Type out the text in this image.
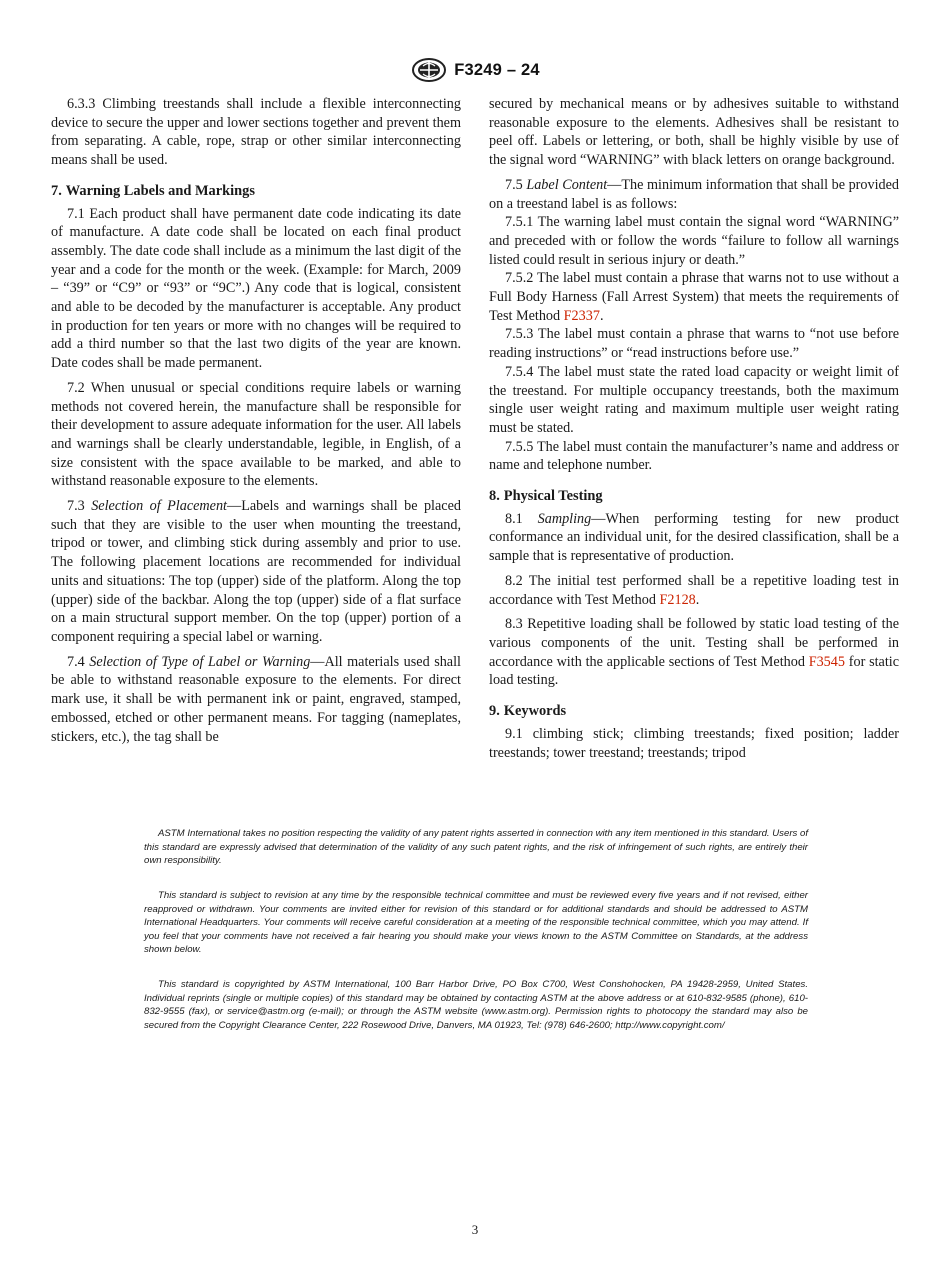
F3249 – 24

6.3.3 Climbing treestands shall include a flexible interconnecting device to secure the upper and lower sections together and prevent them from separating. A cable, rope, strap or other similar interconnecting means shall be used.

7. Warning Labels and Markings

7.1 Each product shall have permanent date code indicating its date of manufacture. A date code shall be located on each final product assembly. The date code shall include as a minimum the last digit of the year and a code for the month or the week. (Example: for March, 2009 – “39” or “C9” or “93” or “9C”.) Any code that is logical, consistent and able to be decoded by the manufacturer is acceptable. Any product in production for ten years or more with no changes will be required to add a third number so that the last two digits of the year are known. Date codes shall be made permanent.

7.2 When unusual or special conditions require labels or warning methods not covered herein, the manufacture shall be responsible for their development to assure adequate information for the user. All labels and warnings shall be clearly understandable, legible, in English, of a size consistent with the space available to be marked, and able to withstand reasonable exposure to the elements.

7.3 Selection of Placement—Labels and warnings shall be placed such that they are visible to the user when mounting the treestand, tripod or tower, and climbing stick during assembly and prior to use. The following placement locations are recommended for individual units and situations: The top (upper) side of the platform. Along the top (upper) side of the backbar. Along the top (upper) side of a flat surface on a main structural support member. On the top (upper) portion of a component requiring a special label or warning.

7.4 Selection of Type of Label or Warning—All materials used shall be able to withstand reasonable exposure to the elements. For direct mark use, it shall be with permanent ink or paint, engraved, stamped, embossed, etched or other permanent means. For tagging (nameplates, stickers, etc.), the tag shall be

secured by mechanical means or by adhesives suitable to withstand reasonable exposure to the elements. Adhesives shall be resistant to peel off. Labels or lettering, or both, shall be highly visible by use of the signal word “WARNING” with black letters on orange background.

7.5 Label Content—The minimum information that shall be provided on a treestand label is as follows:

7.5.1 The warning label must contain the signal word “WARNING” and preceded with or follow the words “failure to follow all warnings listed could result in serious injury or death.”

7.5.2 The label must contain a phrase that warns not to use without a Full Body Harness (Fall Arrest System) that meets the requirements of Test Method F2337.

7.5.3 The label must contain a phrase that warns to “not use before reading instructions” or “read instructions before use.”

7.5.4 The label must state the rated load capacity or weight limit of the treestand. For multiple occupancy treestands, both the maximum single user weight rating and maximum multiple user weight rating must be stated.

7.5.5 The label must contain the manufacturer’s name and address or name and telephone number.

8. Physical Testing

8.1 Sampling—When performing testing for new product conformance an individual unit, for the desired classification, shall be a sample that is representative of production.

8.2 The initial test performed shall be a repetitive loading test in accordance with Test Method F2128.

8.3 Repetitive loading shall be followed by static load testing of the various components of the unit. Testing shall be performed in accordance with the applicable sections of Test Method F3545 for static load testing.

9. Keywords

9.1 climbing stick; climbing treestands; fixed position; ladder treestands; tower treestand; treestands; tripod

ASTM International takes no position respecting the validity of any patent rights asserted in connection with any item mentioned in this standard. Users of this standard are expressly advised that determination of the validity of any such patent rights, and the risk of infringement of such rights, are entirely their own responsibility.

This standard is subject to revision at any time by the responsible technical committee and must be reviewed every five years and if not revised, either reapproved or withdrawn. Your comments are invited either for revision of this standard or for additional standards and should be addressed to ASTM International Headquarters. Your comments will receive careful consideration at a meeting of the responsible technical committee, which you may attend. If you feel that your comments have not received a fair hearing you should make your views known to the ASTM Committee on Standards, at the address shown below.

This standard is copyrighted by ASTM International, 100 Barr Harbor Drive, PO Box C700, West Conshohocken, PA 19428-2959, United States. Individual reprints (single or multiple copies) of this standard may be obtained by contacting ASTM at the above address or at 610-832-9585 (phone), 610-832-9555 (fax), or service@astm.org (e-mail); or through the ASTM website (www.astm.org). Permission rights to photocopy the standard may also be secured from the Copyright Clearance Center, 222 Rosewood Drive, Danvers, MA 01923, Tel: (978) 646-2600; http://www.copyright.com/

3
